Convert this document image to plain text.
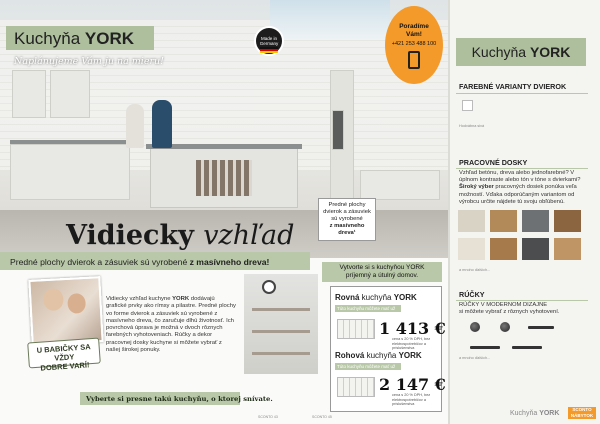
Kuchyňa YORK
Naplánujeme Vám ju na mieru!
Made in
Germany
Poradíme
Vám!
+421 253 488 100
Predné plochy dvierok a zásuviek sú vyrobené
z masívneho dreva¹
Vidiecky vzhľad
Predné plochy dvierok a zásuviek sú vyrobené z masívneho dreva!
U BABIČKY SA VŽDY
DOBRE VARÍ!

Vidiecky vzhľad kuchyne YORK dodávajú grafické prvky ako rímsy a pilastre. Predné plochy vo forme dvierok a zásuviek sú vyrobené z masívneho dreva, čo zaručuje dlhú životnosť. Ich povrchová úprava je možná v dvoch rôznych farebných vyhotoveniach. Rúčky a dekor pracovnej dosky kuchyne si môžete vybrať z našej širokej ponuky.

Vyberte si presne takú kuchyňu, o ktorej snívate.
Vytvorte si s kuchyňou YORK
príjemný a útulný domov.
Rovná kuchyňa YORK
Túto kuchyňu môžete mať už od:
1 413 €
cena s 20 % DPH, bez elektrospotrebičov a príslušenstva
Rohová kuchyňa YORK
Túto kuchyňu môžete mať už od:
2 147 €
cena s 20 % DPH, bez elektrospotrebičov a príslušenstva
SCONTO 43	SCONTO 45
Kuchyňa YORK
FAREBNÉ VARIANTY DVIEROK
Hodvábna sivá
PRACOVNÉ DOSKY

Vzhľad betónu, dreva alebo jednofarebné? V úplnom kontraste alebo tón v tóne s dvierkami? Široký výber pracovných dosiek ponúka veľa možností. Vďaka odporúčaným variantom od výrobcu určite nájdete tú svoju obľúbenú.

a mnoho ďalších...
RÚČKY

RÚČKY V MODERNOM DIZAJNE
si môžete vybrať z rôznych vyhotovení.

a mnoho ďalších...
Kuchyňa YORK
SCONTO
NÁBYTOK
